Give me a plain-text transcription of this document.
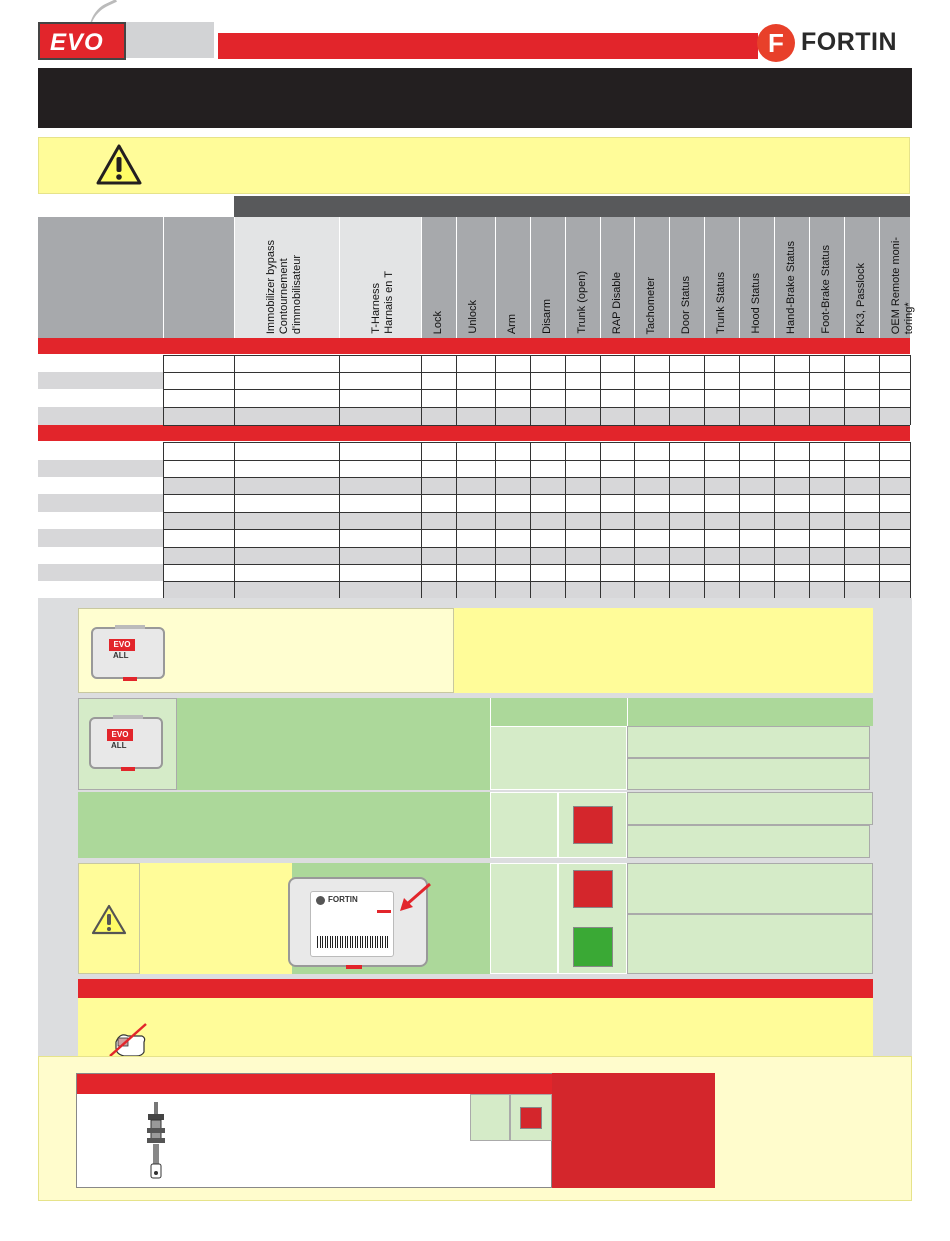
EVO	F FORTIN
Immobilizer bypass
Contournement
d'immobilisateur	T-Harness
Harnais en T
Lock Unlock Arm Disarm Trunk (open) RAP Disable Tachometer Door Status Trunk Status Hood Status Hand-Brake Status Foot-Brake Status PK3, Passlock OEM Remote moni-
toring*
EVO
ALL
EVO
ALL
FORTIN
